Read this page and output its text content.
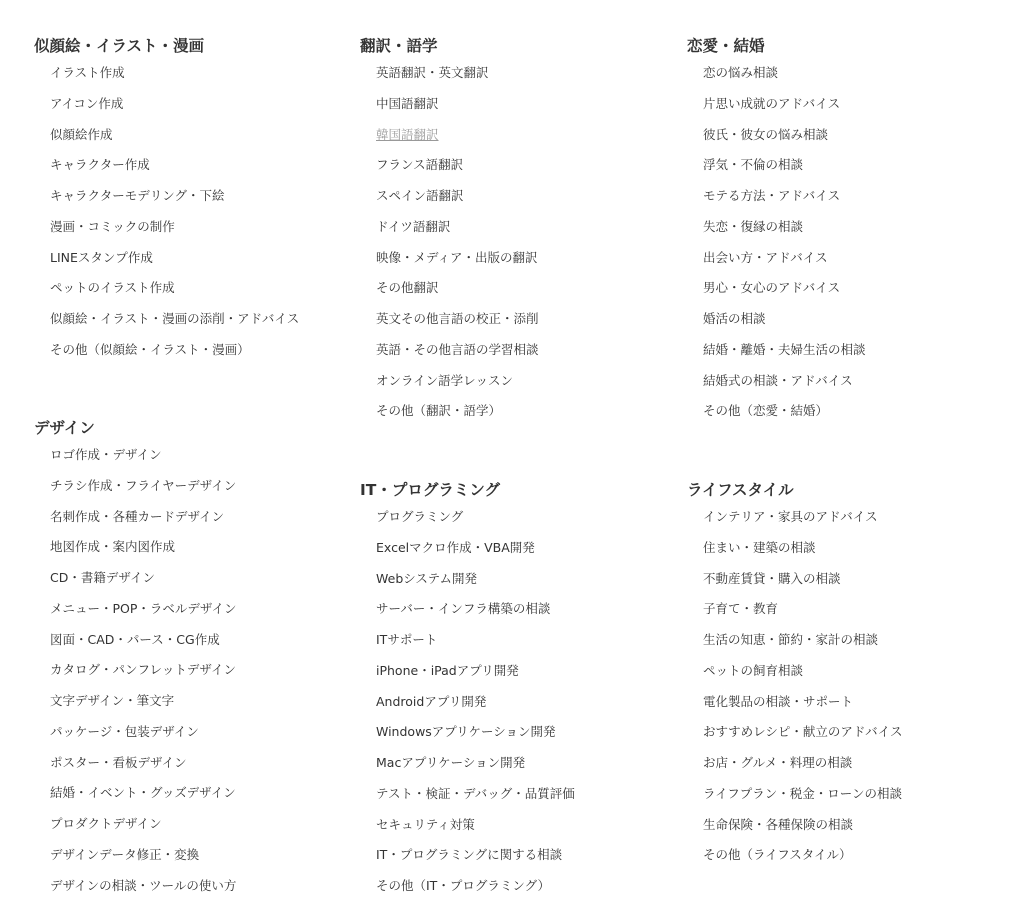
似顔絵・イラスト・漫画
イラスト作成
アイコン作成
似顔絵作成
キャラクター作成
キャラクターモデリング・下絵
漫画・コミックの制作
LINEスタンプ作成
ペットのイラスト作成
似顔絵・イラスト・漫画の添削・アドバイス
その他（似顔絵・イラスト・漫画）
デザイン
ロゴ作成・デザイン
チラシ作成・フライヤーデザイン
名刺作成・各種カードデザイン
地図作成・案内図作成
CD・書籍デザイン
メニュー・POP・ラベルデザイン
図面・CAD・パース・CG作成
カタログ・パンフレットデザイン
文字デザイン・筆文字
パッケージ・包装デザイン
ポスター・看板デザイン
結婚・イベント・グッズデザイン
プロダクトデザイン
デザインデータ修正・変換
デザインの相談・ツールの使い方
翻訳・語学
英語翻訳・英文翻訳
中国語翻訳
韓国語翻訳
フランス語翻訳
スペイン語翻訳
ドイツ語翻訳
映像・メディア・出版の翻訳
その他翻訳
英文その他言語の校正・添削
英語・その他言語の学習相談
オンライン語学レッスン
その他（翻訳・語学）
IT・プログラミング
プログラミング
Excelマクロ作成・VBA開発
Webシステム開発
サーバー・インフラ構築の相談
ITサポート
iPhone・iPadアプリ開発
Androidアプリ開発
Windowsアプリケーション開発
Macアプリケーション開発
テスト・検証・デバッグ・品質評価
セキュリティ対策
IT・プログラミングに関する相談
その他（IT・プログラミング）
恋愛・結婚
恋の悩み相談
片思い成就のアドバイス
彼氏・彼女の悩み相談
浮気・不倫の相談
モテる方法・アドバイス
失恋・復縁の相談
出会い方・アドバイス
男心・女心のアドバイス
婚活の相談
結婚・離婚・夫婦生活の相談
結婚式の相談・アドバイス
その他（恋愛・結婚）
ライフスタイル
インテリア・家具のアドバイス
住まい・建築の相談
不動産賃貸・購入の相談
子育て・教育
生活の知恵・節約・家計の相談
ペットの飼育相談
電化製品の相談・サポート
おすすめレシピ・献立のアドバイス
お店・グルメ・料理の相談
ライフプラン・税金・ローンの相談
生命保険・各種保険の相談
その他（ライフスタイル）
